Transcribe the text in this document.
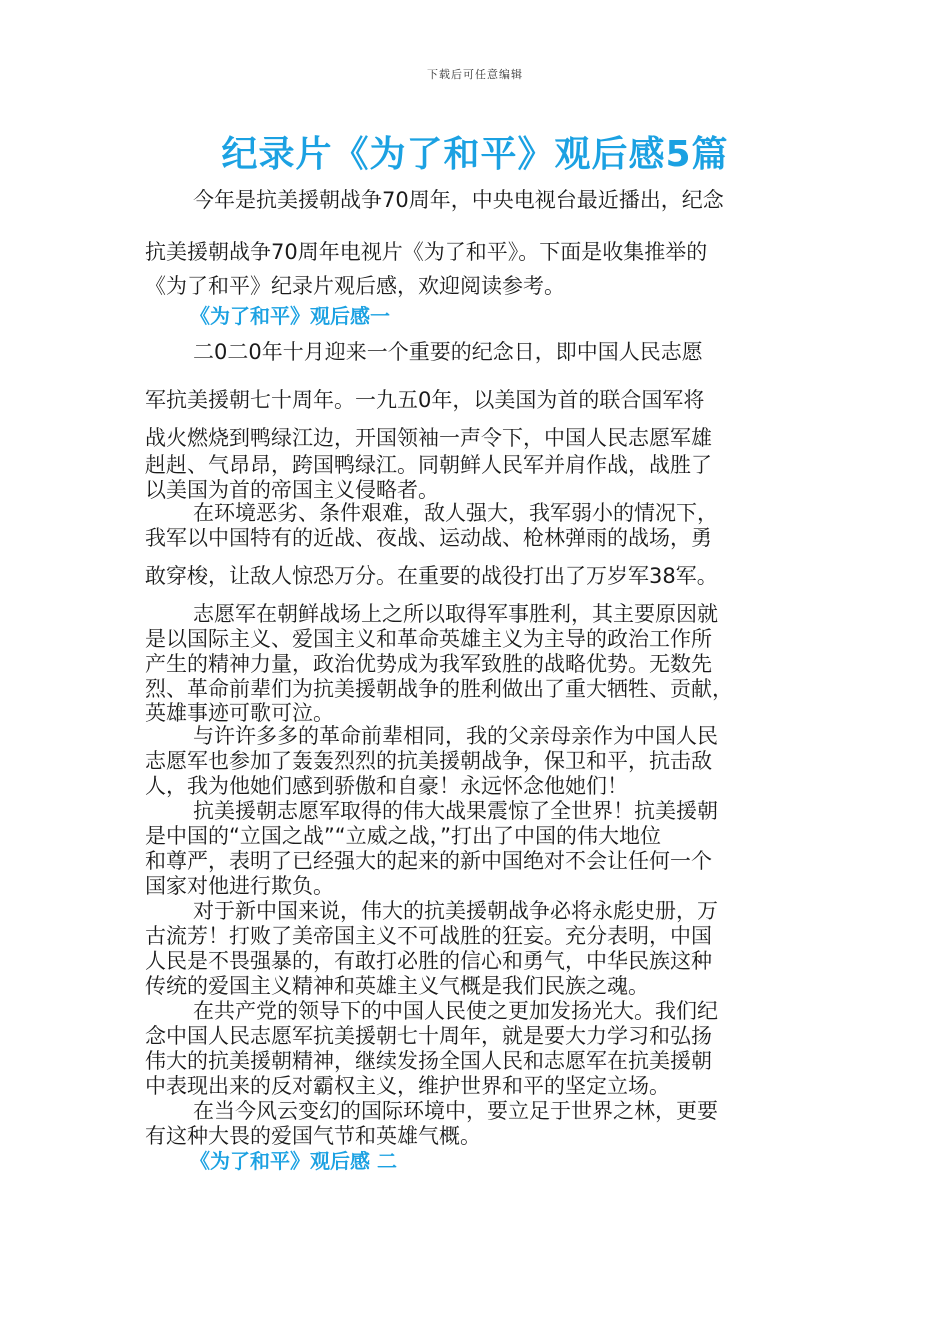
下载后可任意编辑
纪录片《为了和平》观后感5篇
今年是抗美援朝战争70周年，中央电视台最近播出，纪念
抗美援朝战争70周年电视片《为了和平》。下面是收集推举的
《为了和平》纪录片观后感，欢迎阅读参考。
《为了和平》观后感一
二0二0年十月迎来一个重要的纪念日，即中国人民志愿
军抗美援朝七十周年。一九五0年，以美国为首的联合国军将
战火燃烧到鸭绿江边，开国领袖一声令下，中国人民志愿军雄
赳赳、气昂昂，跨国鸭绿江。同朝鲜人民军并肩作战，战胜了
以美国为首的帝国主义侵略者。
在环境恶劣、条件艰难，敌人强大，我军弱小的情况下，
我军以中国特有的近战、夜战、运动战、枪林弹雨的战场，勇
敢穿梭，让敌人惊恐万分。在重要的战役打出了万岁军38军。
志愿军在朝鲜战场上之所以取得军事胜利，其主要原因就
是以国际主义、爱国主义和革命英雄主义为主导的政治工作所
产生的精神力量，政治优势成为我军致胜的战略优势。无数先
烈、革命前辈们为抗美援朝战争的胜利做出了重大牺牲、贡献，
英雄事迹可歌可泣。
与许许多多的革命前辈相同，我的父亲母亲作为中国人民
志愿军也参加了轰轰烈烈的抗美援朝战争，保卫和平，抗击敌
人，我为他她们感到骄傲和自豪！永远怀念他她们！
抗美援朝志愿军取得的伟大战果震惊了全世界！抗美援朝
是中国的“立国之战”“立威之战，”打出了中国的伟大地位
和尊严，表明了已经强大的起来的新中国绝对不会让任何一个
国家对他进行欺负。
对于新中国来说，伟大的抗美援朝战争必将永彪史册，万
古流芳！打败了美帝国主义不可战胜的狂妄。充分表明，中国
人民是不畏强暴的，有敢打必胜的信心和勇气，中华民族这种
传统的爱国主义精神和英雄主义气概是我们民族之魂。
在共产党的领导下的中国人民使之更加发扬光大。我们纪
念中国人民志愿军抗美援朝七十周年，就是要大力学习和弘扬
伟大的抗美援朝精神，继续发扬全国人民和志愿军在抗美援朝
中表现出来的反对霸权主义，维护世界和平的坚定立场。
在当今风云变幻的国际环境中，要立足于世界之林，更要
有这种大畏的爱国气节和英雄气概。
《为了和平》观后感 二
